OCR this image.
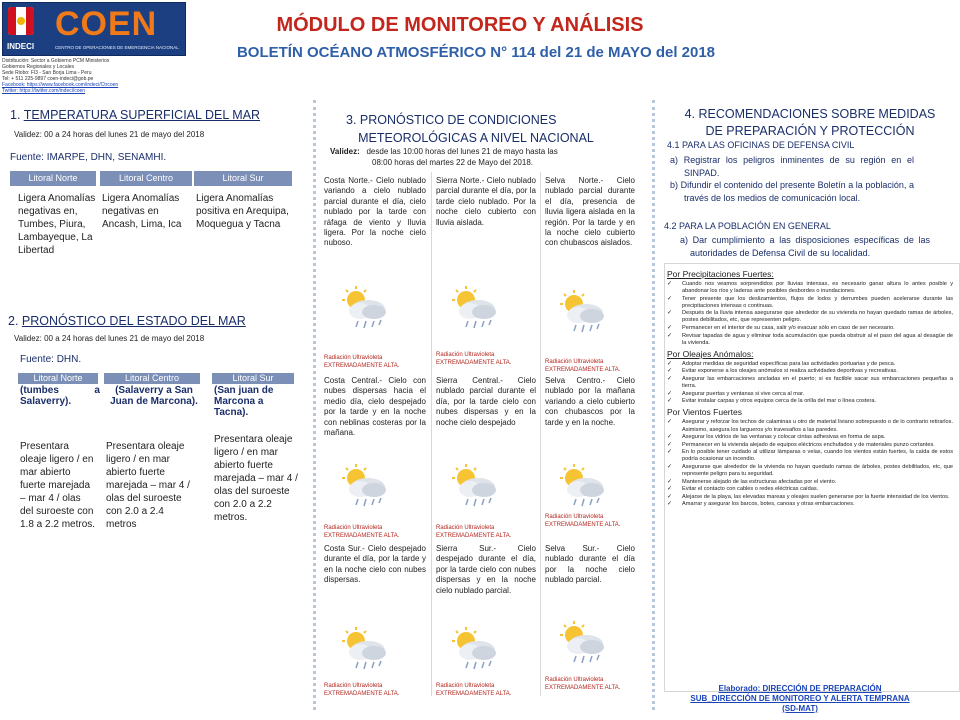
COEN
INDECI	CENTRO DE OPERACIONES DE EMERGENCIA NACIONAL
MÓDULO DE MONITOREO Y ANÁLISIS
BOLETÍN OCÉANO ATMOSFÉRICO N° 114 del 21 de MAYO del 2018
Distribución: Sector a Gobierno PCM Ministerios
Gobiernos Regionales y Locales
Sede Riobo: Fl3 - San Borja Lima - Peru
Tel: + 511 225-9897 coen-indeci@gob.pe
Facebook: https://www.facebook.com/indeci/Ctrcoen
Twitter: https://twitter.com/indeci/coen
1. TEMPERATURA SUPERFICIAL DEL MAR
Validez: 00 a 24 horas del lunes 21 de mayo del 2018
Fuente: IMARPE, DHN, SENAMHI.
Litoral Norte	Litoral Centro	Litoral Sur
Ligera Anomalías negativas en, Tumbes, Piura, Lambayeque, La Libertad
Ligera Anomalías negativas en Ancash, Lima, Ica
Ligera Anomalías positiva en Arequipa, Moquegua y Tacna
2. PRONÓSTICO DEL ESTADO DEL MAR
Validez: 00 a 24 horas del lunes 21 de mayo del 2018
Fuente: DHN.
Litoral Norte	Litoral Centro	Litoral Sur
(tumbes a Salaverry).
(Salaverry a San Juan de Marcona).
(San juan de Marcona a Tacna).
Presentara oleaje ligero / en mar abierto fuerte marejada – mar 4 / olas del suroeste con 1.8 a 2.2 metros.
Presentara oleaje ligero / en mar abierto fuerte marejada – mar 4 / olas del suroeste con 2.0 a 2.4 metros
Presentara oleaje ligero / en mar abierto fuerte marejada – mar 4 / olas del suroeste con 2.0 a 2.2 metros.
3. PRONÓSTICO DE CONDICIONES
METEOROLÓGICAS A NIVEL NACIONAL
Validez: desde las 10:00 horas del lunes 21 de mayo hasta las
08:00 horas del martes 22 de Mayo del 2018.
Costa Norte.- Cielo nublado variando a cielo nublado parcial durante el día, cielo nublado por la tarde con ráfaga de viento y lluvia ligera. Por la noche cielo nuboso.
Sierra Norte.- Cielo nublado parcial durante el día, por la tarde cielo nublado. Por la noche cielo cubierto con lluvia aislada.
Selva Norte.- Cielo nublado parcial durante el día, presencia de lluvia ligera aislada en la región. Por la tarde y en la noche cielo cubierto con chubascos aislados.
Radiación Ultravioleta EXTREMADAMENTE ALTA.
Radiación Ultravioleta EXTREMADAMENTE ALTA.	Radiación Ultravioleta EXTREMADAMENTE ALTA.
Costa Central.- Cielo con nubes dispersas hacia el medio día, cielo despejado por la tarde y en la noche con neblinas costeras por la mañana.
Sierra Central.- Cielo nublado parcial durante el día, por la tarde cielo con nubes dispersas y en la noche cielo despejado
Selva Centro.- Cielo nublado por la mañana variando a cielo cubierto con chubascos por la tarde y en la noche.
Radiación Ultravioleta EXTREMADAMENTE ALTA.
Radiación Ultravioleta EXTREMADAMENTE ALTA.
Radiación Ultravioleta EXTREMADAMENTE ALTA.
Costa Sur.- Cielo despejado durante el día, por la tarde y en la noche cielo con nubes dispersas.
Sierra Sur.- Cielo despejado durante el día, por la tarde cielo con nubes dispersas y en la noche cielo nublado parcial.
Selva Sur.- Cielo nublado durante el día por la noche cielo nublado parcial.
Radiación Ultravioleta EXTREMADAMENTE ALTA.
Radiación Ultravioleta EXTREMADAMENTE ALTA.
Radiación Ultravioleta EXTREMADAMENTE ALTA.
4. RECOMENDACIONES SOBRE MEDIDAS
DE PREPARACIÓN Y PROTECCIÓN
4.1 PARA LAS OFICINAS DE DEFENSA CIVIL
a) Registrar los peligros inminentes de su región en el SINPAD.
b) Difundir el contenido del presente Boletín a la población, a través de los medios de comunicación local.
4.2 PARA LA POBLACIÓN EN GENERAL
a) Dar cumplimiento a las disposiciones específicas de las autoridades de Defensa Civil de su localidad.
Por Precipitaciones Fuertes:
✓	Cuando nos veamos sorprendidos por lluvias intensas, es necesario ganar altura lo antes posible y abandonar los ríos y laderas ante posibles desbordes o inundaciones.
✓	Tener presente que los deslizamientos, flujos de lodos y derrumbes pueden acelerarse durante las precipitaciones intensas o continuas.
✓	Después de la lluvia intensa asegurarse que alrededor de su vivienda no hayan quedado ramas de árboles, postes debilitados, etc, que representen peligro.
✓	Permanecer en el interior de su casa, salir y/o evacuar sólo en caso de ser necesario.
✓	Revisar tapadas de agua y eliminar toda acumulación que pueda obstruir al el paso del agua al desagüe de la vivienda.
Por Oleajes Anómalos:
✓	Adoptar medidas de seguridad específicas para las actividades portuarias y de pesca.
✓	Evitar exponerse a los oleajes anómalos si realiza actividades deportivas y recreativas.
✓	Asegurar las embarcaciones ancladas en el puerto; si es factible sacar sus embarcaciones pequeñas a tierra.
✓	Asegurar puertas y ventanas si vive cerca al mar.
✓	Evitar instalar carpas y otros equipos cerca de la orilla del mar o línea costera.
Por Vientos Fuertes
✓	Asegurar y reforzar los techos de calaminas u otro de material liviano sobrepuesto o de lo contrario retirarlos. Asimismo, asegura los largueros y/o travesaños a las paredes.
✓	Asegurar los vidrios de las ventanas y colocar cintas adhesivas en forma de aspa.
✓	Permanecer en la vivienda alejado de equipos eléctricos enchufados y de materiales punzo cortantes.
✓	En lo posible tener cuidado al utilizar lámparas o velas, cuando los vientos están fuertes, la caída de estos podría ocasionar un incendio.
✓	Asegurarse que alrededor de la vivienda no hayan quedado ramas de árboles, postes debilitados, etc, que represente peligro para tu seguridad.
✓	Mantenerse alejado de las estructuras afectadas por el viento.
✓	Evitar el contacto con cables o redes eléctricas caídas.
✓	Alejarse de la playa, las elevadas mareas y oleajes suelen generarse por la fuerte intensidad de los vientos.
✓	Amarrar y asegurar los barcos, botes, canoas y otras embarcaciones.
Elaborado: DIRECCIÓN DE PREPARACIÓN
SUB_DIRECCIÓN DE MONITOREO Y ALERTA TEMPRANA
(SD-MAT)
